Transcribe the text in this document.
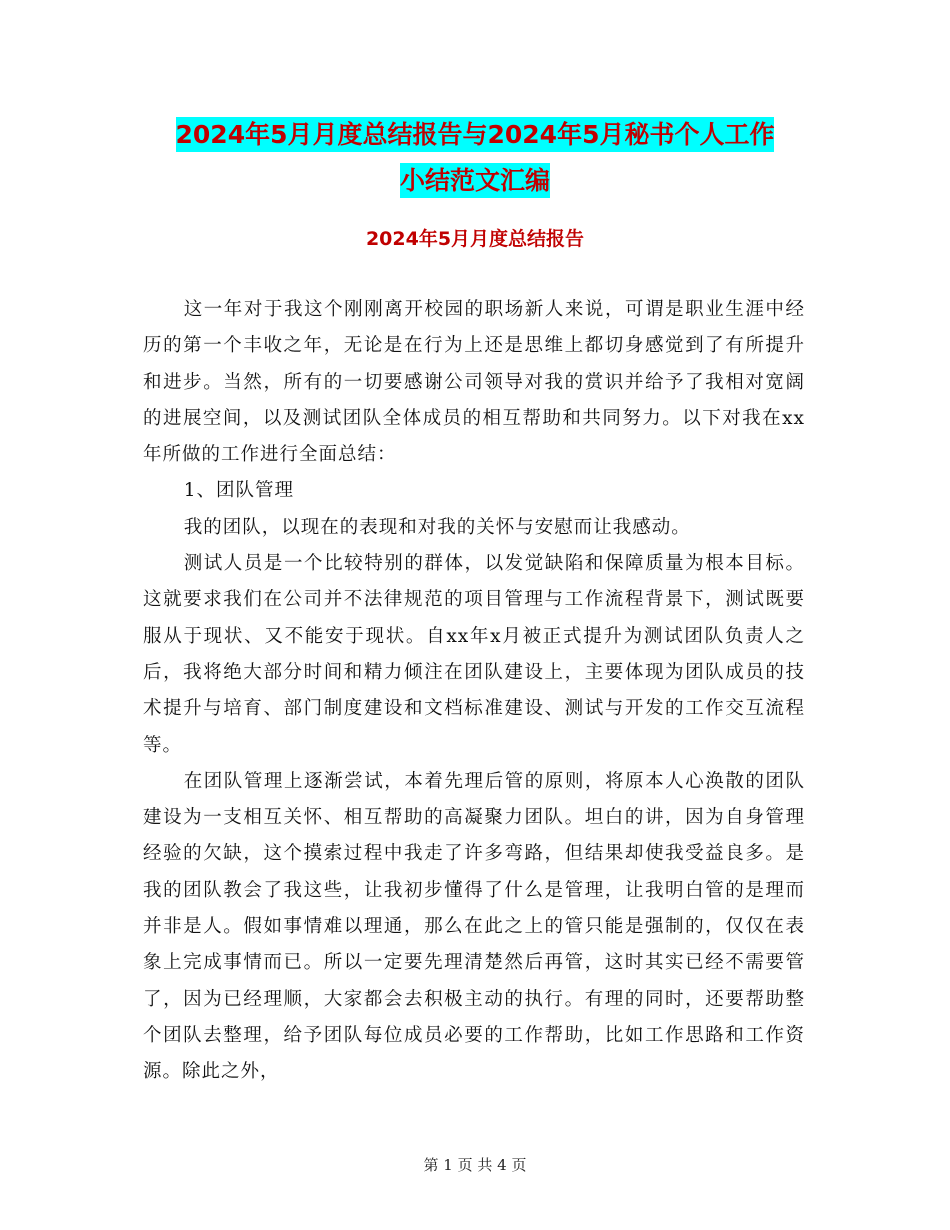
2024年5月月度总结报告与2024年5月秘书个人工作
小结范文汇编
2024年5月月度总结报告

这一年对于我这个刚刚离开校园的职场新人来说，可谓是职业生涯中经历的第一个丰收之年，无论是在行为上还是思维上都切身感觉到了有所提升和进步。当然，所有的一切要感谢公司领导对我的赏识并给予了我相对宽阔的进展空间，以及测试团队全体成员的相互帮助和共同努力。以下对我在xx年所做的工作进行全面总结：

1、团队管理

我的团队，以现在的表现和对我的关怀与安慰而让我感动。

测试人员是一个比较特别的群体，以发觉缺陷和保障质量为根本目标。这就要求我们在公司并不法律规范的项目管理与工作流程背景下，测试既要服从于现状、又不能安于现状。自xx年x月被正式提升为测试团队负责人之后，我将绝大部分时间和精力倾注在团队建设上，主要体现为团队成员的技术提升与培育、部门制度建设和文档标准建设、测试与开发的工作交互流程等。

在团队管理上逐渐尝试，本着先理后管的原则，将原本人心涣散的团队建设为一支相互关怀、相互帮助的高凝聚力团队。坦白的讲，因为自身管理经验的欠缺，这个摸索过程中我走了许多弯路，但结果却使我受益良多。是我的团队教会了我这些，让我初步懂得了什么是管理，让我明白管的是理而并非是人。假如事情难以理通，那么在此之上的管只能是强制的，仅仅在表象上完成事情而已。所以一定要先理清楚然后再管，这时其实已经不需要管了，因为已经理顺，大家都会去积极主动的执行。有理的同时，还要帮助整个团队去整理，给予团队每位成员必要的工作帮助，比如工作思路和工作资源。除此之外，

第 1 页 共 4 页
